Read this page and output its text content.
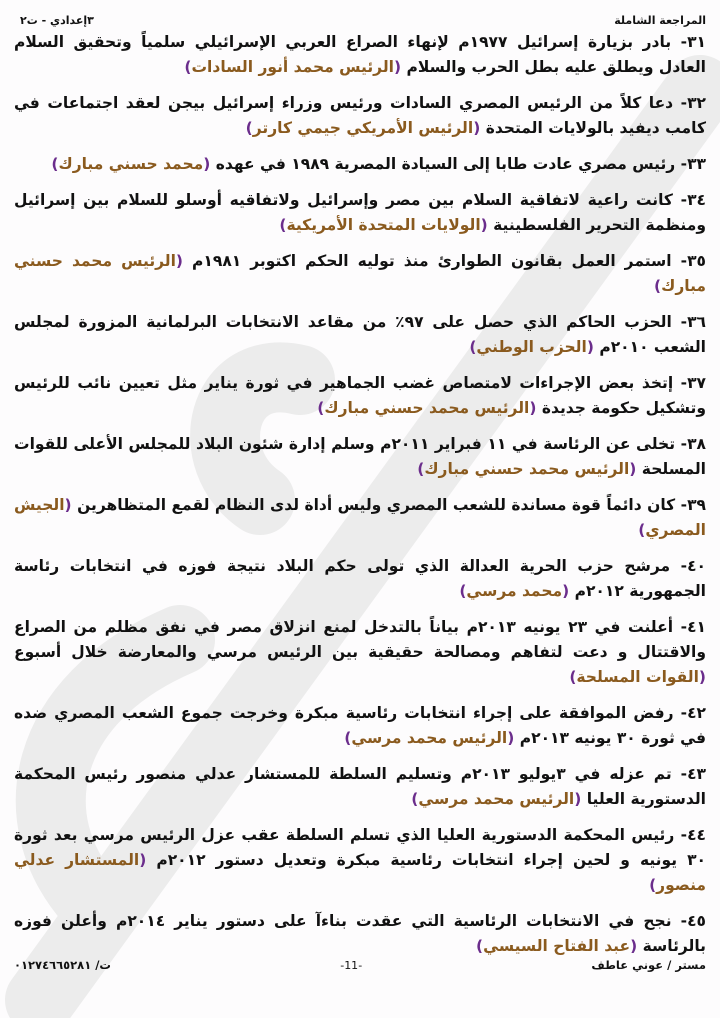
المراجعة الشاملة
٣إعدادي - ت٢
٣١- بادر بزيارة إسرائيل ١٩٧٧م لإنهاء الصراع العربي الإسرائيلي سلمياً وتحقيق السلام العادل ويطلق عليه بطل الحرب والسلام (الرئيس محمد أنور السادات)
٣٢- دعا كلاً من الرئيس المصري السادات ورئيس وزراء إسرائيل بيجن لعقد اجتماعات في كامب ديفيد بالولايات المتحدة (الرئيس الأمريكي جيمي كارتر)
٣٣- رئيس مصري عادت طابا إلى السيادة المصرية ١٩٨٩ في عهده (محمد حسني مبارك)
٣٤- كانت راعية لاتفاقية السلام بين مصر وإسرائيل ولاتفاقيه أوسلو للسلام بين إسرائيل ومنظمة التحرير الفلسطينية (الولايات المتحدة الأمريكية)
٣٥- استمر العمل بقانون الطوارئ منذ توليه الحكم اكتوبر ١٩٨١م (الرئيس محمد حسني مبارك)
٣٦- الحزب الحاكم الذي حصل على ٩٧٪ من مقاعد الانتخابات البرلمانية المزورة لمجلس الشعب ٢٠١٠م (الحزب الوطني)
٣٧- إتخذ بعض الإجراءات لامتصاص غضب الجماهير في ثورة يناير مثل تعيين نائب للرئيس وتشكيل حكومة جديدة (الرئيس محمد حسني مبارك)
٣٨- تخلى عن الرئاسة في ١١ فبراير ٢٠١١م وسلم إدارة شئون البلاد للمجلس الأعلى للقوات المسلحة (الرئيس محمد حسني مبارك)
٣٩- كان دائماً قوة مساندة للشعب المصري وليس أداة لدى النظام لقمع المتظاهرين (الجيش المصري)
٤٠- مرشح حزب الحرية العدالة الذي تولى حكم البلاد نتيجة فوزه في انتخابات رئاسة الجمهورية ٢٠١٢م (محمد مرسي)
٤١- أعلنت في ٢٣ يونيه ٢٠١٣م بياناً بالتدخل لمنع انزلاق مصر في نفق مظلم من الصراع والاقتتال و دعت لتفاهم ومصالحة حقيقية بين الرئيس مرسي والمعارضة خلال أسبوع (القوات المسلحة)
٤٢- رفض الموافقة على إجراء انتخابات رئاسية مبكرة وخرجت جموع الشعب المصري ضده في ثورة ٣٠ يونيه ٢٠١٣م (الرئيس محمد مرسي)
٤٣- تم عزله في ٣يوليو ٢٠١٣م وتسليم السلطة للمستشار عدلي منصور رئيس المحكمة الدستورية العليا (الرئيس محمد مرسي)
٤٤- رئيس المحكمة الدستورية العليا الذي تسلم السلطة عقب عزل الرئيس مرسي بعد ثورة ٣٠ يونيه و لحين إجراء انتخابات رئاسية مبكرة وتعديل دستور ٢٠١٢م (المستشار عدلي منصور)
٤٥- نجح في الانتخابات الرئاسية التي عقدت بناءآ على دستور يناير ٢٠١٤م وأعلن فوزه بالرئاسة (عبد الفتاح السيسي)
مستر / عوني عاطف
-11-
ت/ ٠١٢٧٤٦٦٥٢٨١
